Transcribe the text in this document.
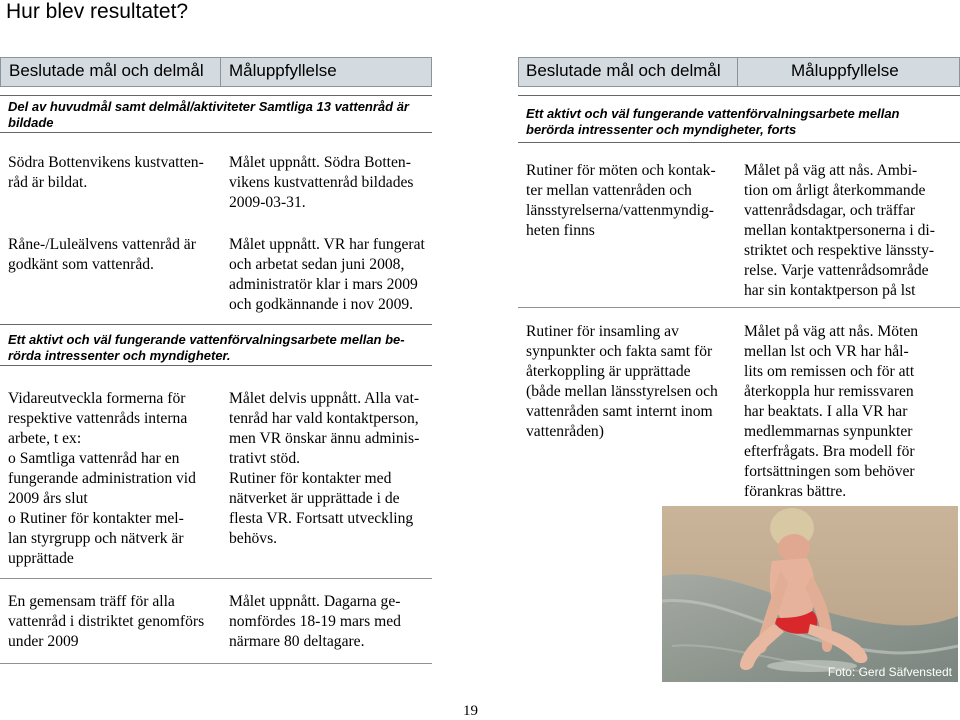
Hur blev resultatet?
Beslutade mål och delmål Måluppfyllelse
Del av huvudmål samt delmål/aktiviteter Samtliga 13 vattenråd är bildade
Södra Bottenvikens kustvatten-
råd är bildat.
Målet uppnått. Södra Botten-
vikens kustvattenråd bildades
2009-03-31.
Råne-/Luleälvens vattenråd är
godkänt som vattenråd.
Målet uppnått. VR har fungerat
och arbetat sedan juni 2008,
administratör klar i mars 2009
och godkännande i nov 2009.
Ett aktivt och väl fungerande vattenförvalningsarbete mellan be-
rörda intressenter och myndigheter.
Vidareutveckla formerna för
respektive vattenråds interna
arbete, t ex:
o Samtliga vattenråd har en
fungerande administration vid
2009 års slut
o Rutiner för kontakter mel-
lan styrgrupp och nätverk är
upprättade
Målet delvis uppnått. Alla vat-
tenråd har vald kontaktperson,
men VR önskar ännu adminis-
trativt stöd.
Rutiner för kontakter med
nätverket är upprättade i de
flesta VR. Fortsatt utveckling
behövs.
En gemensam träff för alla
vattenråd i distriktet genomförs
under 2009
Målet uppnått. Dagarna ge-
nomfördes 18-19 mars med
närmare 80 deltagare.
Beslutade mål och delmål	Måluppfyllelse
Ett aktivt och väl fungerande vattenförvalningsarbete mellan
berörda intressenter och myndigheter, forts
Rutiner för möten och kontak-
ter mellan vattenråden och
länsstyrelserna/vattenmyndig-
heten finns
Målet på väg att nås. Ambi-
tion om årligt återkommande
vattenrådsdagar, och träffar
mellan kontaktpersonerna i di-
striktet och respektive länssty-
relse. Varje vattenrådsområde
har sin kontaktperson på lst
Rutiner för insamling av
synpunkter och fakta samt för
återkoppling är upprättade
(både mellan länsstyrelsen och
vattenråden samt internt inom
vattenråden)
Målet på väg att nås. Möten
mellan lst och VR har hål-
lits om remissen och för att
återkoppla hur remissvaren
har beaktats. I alla VR har
medlemmarnas synpunkter
efterfrågats. Bra modell för
fortsättningen som behöver
förankras bättre.
Foto: Gerd Säfvenstedt
19
